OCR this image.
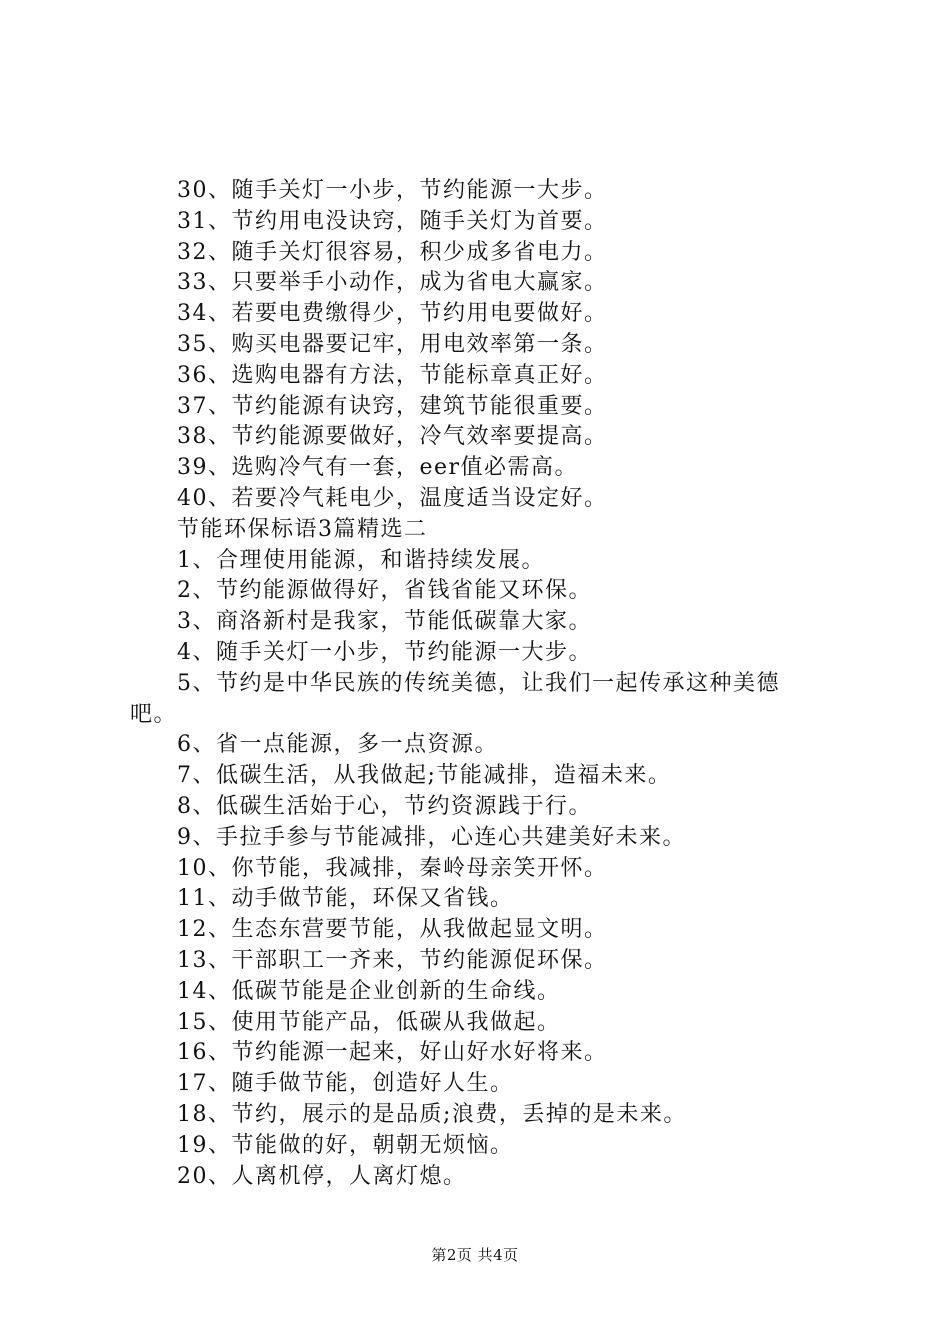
30、随手关灯一小步，节约能源一大步。
31、节约用电没诀窍，随手关灯为首要。
32、随手关灯很容易，积少成多省电力。
33、只要举手小动作，成为省电大赢家。
34、若要电费缴得少，节约用电要做好。
35、购买电器要记牢，用电效率第一条。
36、选购电器有方法，节能标章真正好。
37、节约能源有诀窍，建筑节能很重要。
38、节约能源要做好，冷气效率要提高。
39、选购冷气有一套，eer值必需高。
40、若要冷气耗电少，温度适当设定好。
节能环保标语3篇精选二
1、合理使用能源，和谐持续发展。
2、节约能源做得好，省钱省能又环保。
3、商洛新村是我家，节能低碳靠大家。
4、随手关灯一小步，节约能源一大步。
5、节约是中华民族的传统美德，让我们一起传承这种美德
吧。
6、省一点能源，多一点资源。
7、低碳生活，从我做起;节能减排，造福未来。
8、低碳生活始于心，节约资源践于行。
9、手拉手参与节能减排，心连心共建美好未来。
10、你节能，我减排，秦岭母亲笑开怀。
11、动手做节能，环保又省钱。
12、生态东营要节能，从我做起显文明。
13、干部职工一齐来，节约能源促环保。
14、低碳节能是企业创新的生命线。
15、使用节能产品，低碳从我做起。
16、节约能源一起来，好山好水好将来。
17、随手做节能，创造好人生。
18、节约，展示的是品质;浪费，丢掉的是未来。
19、节能做的好，朝朝无烦恼。
20、人离机停，人离灯熄。
第2页 共4页
